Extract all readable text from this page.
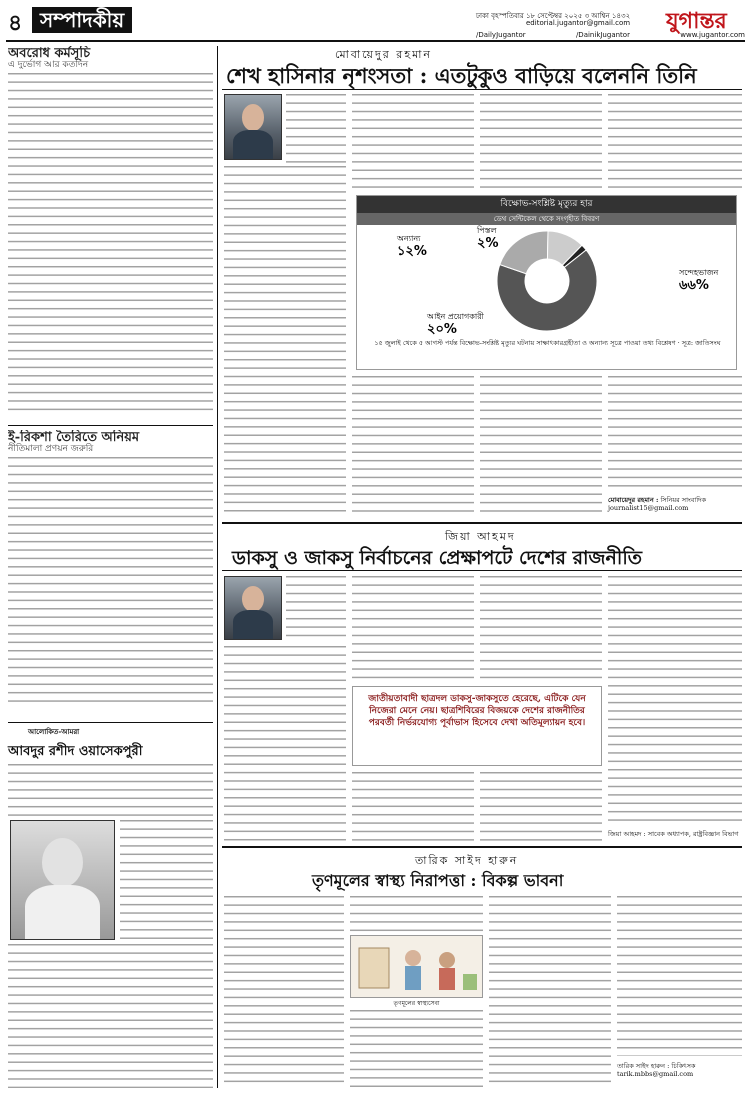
৪ সম্পাদকীয়	ঢাকা বৃহস্পতিবার ১৮ সেপ্টেম্বর ২০২৫ ৩ আশ্বিন ১৪৩২
editorial.jugantor@gmail.com যুগান্তর
/DailyJugantor	/DainikJugantor	www.jugantor.com
অবরোধ কর্মসূচি
এ দুর্ভোগ আর কতদিন
ই-রিকশা তৈরিতে অনিয়ম
নীতিমালা প্রণয়ন জরুরি
আলোকিত-আমরা
আবদুর রশীদ ওয়াসেকপুরী
মোবায়েদুর রহমান
শেখ হাসিনার নৃশংসতা : এতটুকুও বাড়িয়ে বলেননি তিনি
বিক্ষোভ-সংশ্লিষ্ট মৃত্যুর হার
ডেথ সেন্টিকেল থেকে সংগৃহীত বিবরণ
সন্দেহভাজন
৬৬%
আইন প্রয়োগকারী
২০%
অন্যান্য
১২%
পিস্তল
২%
১৫ জুলাই থেকে ৫ আগস্ট পর্যন্ত বিক্ষোভ-সংশ্লিষ্ট মৃত্যুর ঘটনায় সাক্ষাৎকারগ্রহীতা ও অন্যান্য সূত্রে পাওয়া তথ্য বিশ্লেষণ · সূত্র: জাতিসংঘ
মোবায়েদুর রহমান : সিনিয়র সাংবাদিক
journalist15@gmail.com
জিয়া আহমদ
ডাকসু ও জাকসু নির্বাচনের প্রেক্ষাপটে দেশের রাজনীতি
জাতীয়তাবাদী ছাত্রদল ডাকসু-জাকসুতে হেরেছে, এটিকে যেন নিজেরা মেনে নেয়। ছাত্রশিবিরের বিজয়কে দেশের রাজনীতির পরবর্তী নির্ভরযোগ্য পূর্বাভাস হিসেবে দেখা অতিমূল্যায়ন হবে।
জিয়া আহমদ : সাবেক অধ্যাপক, রাষ্ট্রবিজ্ঞান বিভাগ
তারিক সাইদ হারুন
তৃণমূলের স্বাস্থ্য নিরাপত্তা : বিকল্প ভাবনা
তৃণমূলের স্বাস্থ্যসেবা
তারিক সাইদ হারুন : চিকিৎসক
tarik.mbbs@gmail.com
